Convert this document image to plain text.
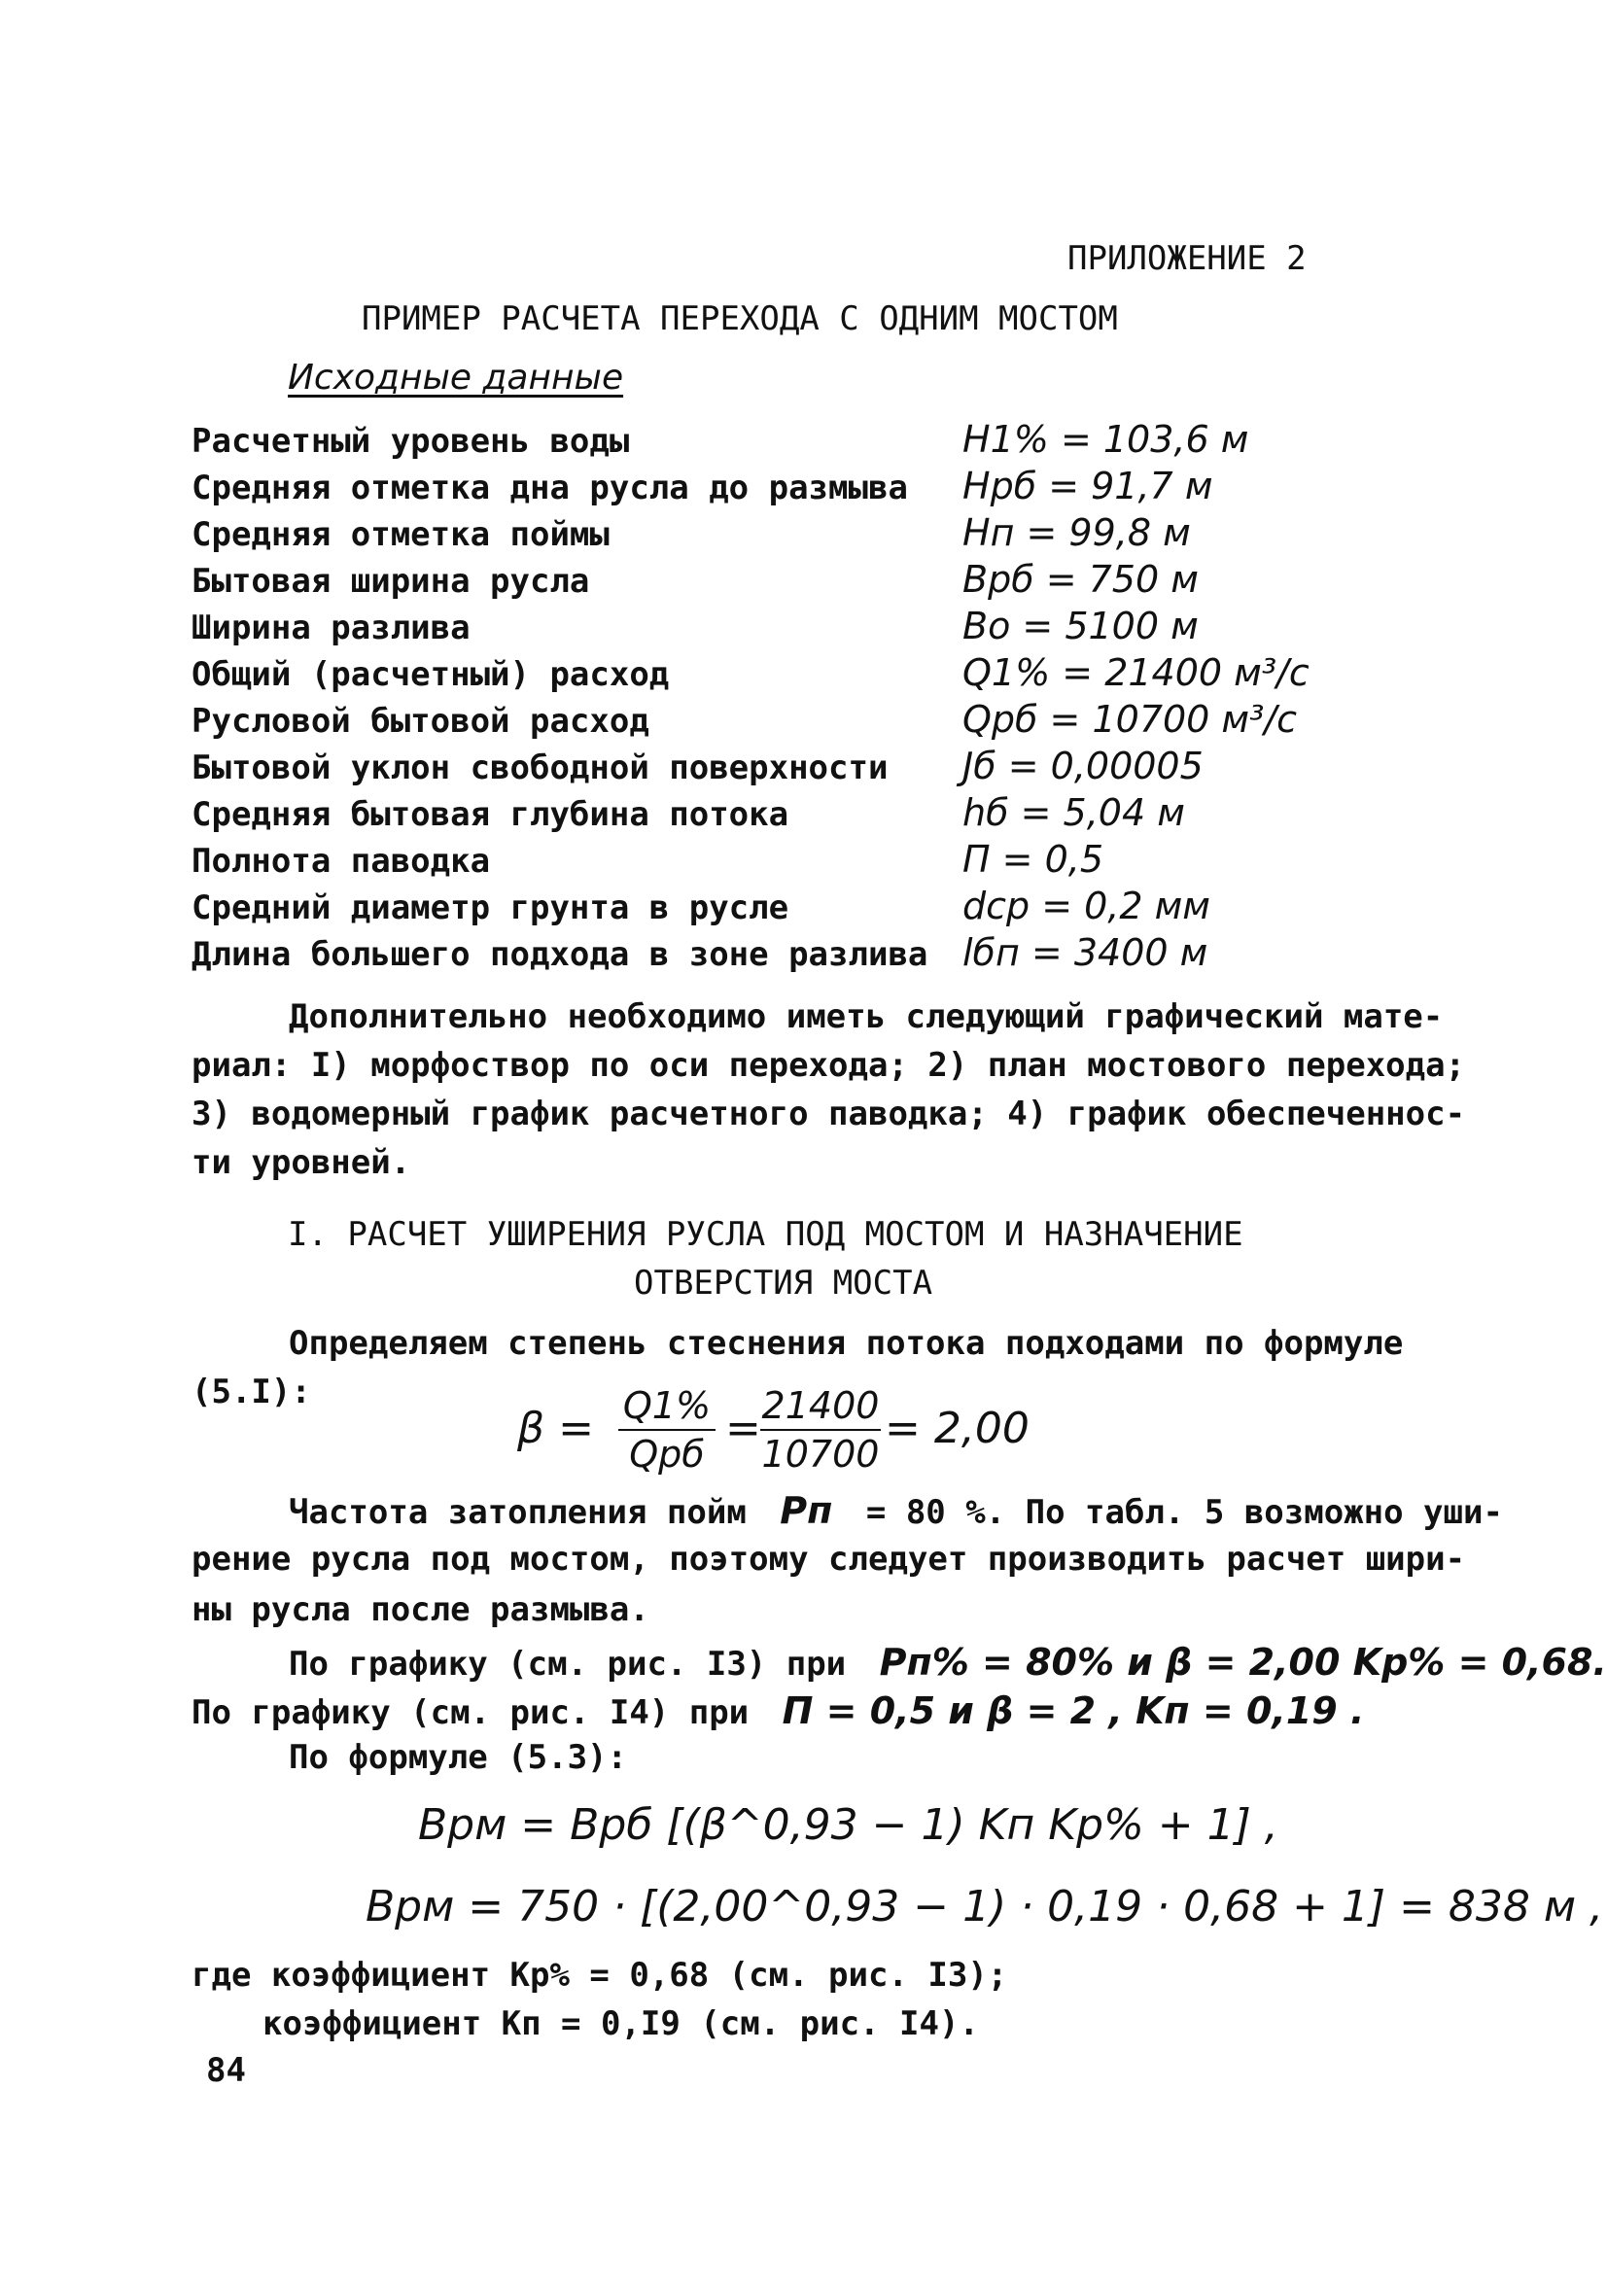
ПРИЛОЖЕНИЕ 2
ПРИМЕР РАСЧЕТА ПЕРЕХОДА С ОДНИМ МОСТОМ
Исходные данные
Расчетный уровень воды	H1% = 103,6 м
Средняя отметка дна русла до размыва Hрб = 91,7 м
Средняя отметка поймы	Hп = 99,8 м
Бытовая ширина русла	Bрб = 750 м
Ширина разлива	Bo = 5100 м
Общий (расчетный) расход	Q1% = 21400 м³/с
Русловой бытовой расход	Qрб = 10700 м³/с
Бытовой уклон свободной поверхности Jб = 0,00005
Средняя бытовая глубина потока	hб = 5,04 м
Полнота паводка	П = 0,5
Средний диаметр грунта в русле	dср = 0,2 мм
Длина большего подхода в зоне разлива lбп = 3400 м
Дополнительно необходимо иметь следующий графический мате-
риал: I) морфоствор по оси перехода; 2) план мостового перехода;
3) водомерный график расчетного паводка; 4) график обеспеченнос-
ти уровней.
I. РАСЧЕТ УШИРЕНИЯ РУСЛА ПОД МОСТОМ И НАЗНАЧЕНИЕ
ОТВЕРСТИЯ МОСТА
Определяем степень стеснения потока подходами по формуле
(5.I):
β = Q1%
Qрб
= 21400
10700
= 2,00
Частота затопления пойм Pп = 80 %. По табл. 5 возможно уши-
рение русла под мостом, поэтому следует производить расчет шири-
ны русла после размыва.
По графику (см. рис. I3) при Pп% = 80% и β = 2,00 Kр% = 0,68.
По графику (см. рис. I4) при П = 0,5 и β = 2 , Kп = 0,19 .
По формуле (5.3):
Bрм = Bрб [(β^0,93 − 1) Kп Kр% + 1] ,
Bрм = 750 · [(2,00^0,93 − 1) · 0,19 · 0,68 + 1] = 838 м ,
где коэффициент Kр% = 0,68 (см. рис. I3);
коэффициент Kп = 0,I9 (см. рис. I4).
84
